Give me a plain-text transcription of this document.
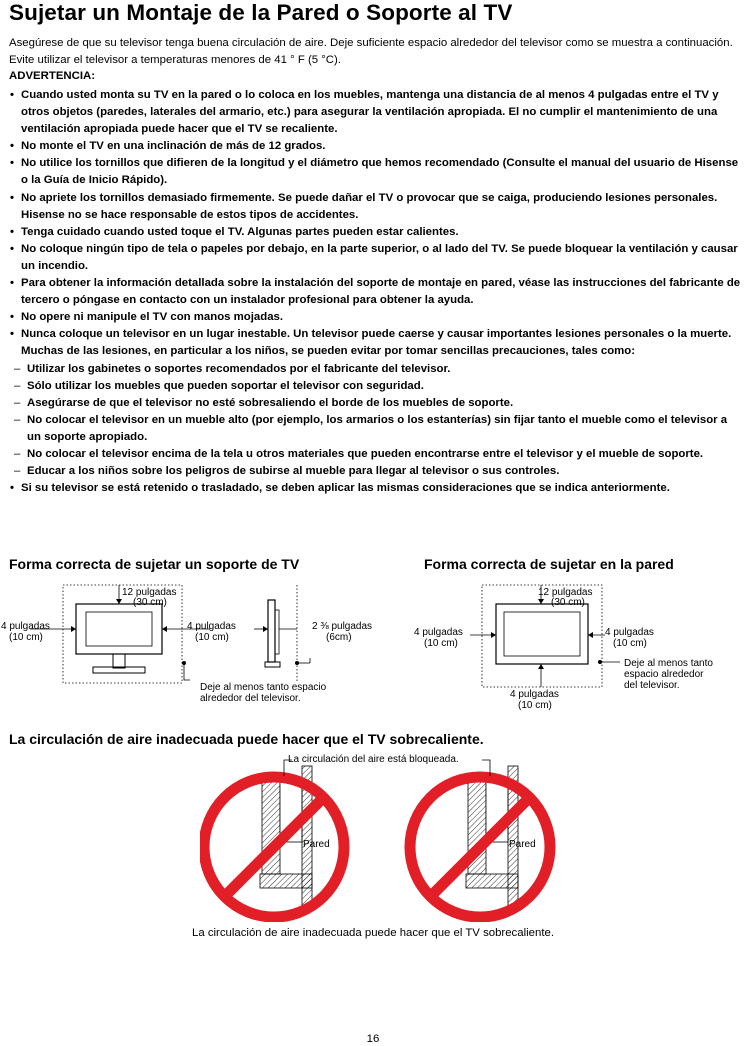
Sujetar un Montaje de la Pared o Soporte al TV

Asegúrese de que su televisor tenga buena circulación de aire. Deje suficiente espacio alrededor del televisor como se muestra a continuación. Evite utilizar el televisor a temperaturas menores de 41 ° F (5 °C).

ADVERTENCIA:

• Cuando usted monta su TV en la pared o lo coloca en los muebles, mantenga una distancia de al menos 4 pulgadas entre el TV y otros objetos (paredes, laterales del armario, etc.) para asegurar la ventilación apropiada. El no cumplir el mantenimiento de una ventilación apropiada puede hacer que el TV se recaliente.
• No monte el TV en una inclinación de más de 12 grados.
• No utilice los tornillos que difieren de la longitud y el diámetro que hemos recomendado (Consulte el manual del usuario de Hisense o la Guía de Inicio Rápido).
• No apriete los tornillos demasiado firmemente. Se puede dañar el TV o provocar que se caiga, produciendo lesiones personales. Hisense no se hace responsable de estos tipos de accidentes.
• Tenga cuidado cuando usted toque el TV. Algunas partes pueden estar calientes.
• No coloque ningún tipo de tela o papeles por debajo, en la parte superior, o al lado del TV. Se puede bloquear la ventilación y causar un incendio.
• Para obtener la información detallada sobre la instalación del soporte de montaje en pared, véase las instrucciones del fabricante de tercero o póngase en contacto con un instalador profesional para obtener la ayuda.
• No opere ni manipule el TV con manos mojadas.
• Nunca coloque un televisor en un lugar inestable. Un televisor puede caerse y causar importantes lesiones personales o la muerte. Muchas de las lesiones, en particular a los niños, se pueden evitar por tomar sencillas precauciones, tales como:
– Utilizar los gabinetes o soportes recomendados por el fabricante del televisor.
– Sólo utilizar los muebles que pueden soportar el televisor con seguridad.
– Asegúrarse de que el televisor no esté sobresaliendo el borde de los muebles de soporte.
– No colocar el televisor en un mueble alto (por ejemplo, los armarios o los estanterías) sin fijar tanto el mueble como el televisor a un soporte apropiado.
– No colocar el televisor encima de la tela u otros materiales que pueden encontrarse entre el televisor y el mueble de soporte.
– Educar a los niños sobre los peligros de subirse al mueble para llegar al televisor o sus controles.
• Si su televisor se está retenido o trasladado, se deben aplicar las mismas consideraciones que se indica anteriormente.

Forma correcta de sujetar un soporte de TV

12 pulgadas
(30 cm)
4 pulgadas
(10 cm)
4 pulgadas
(10 cm)
2 ⅜ pulgadas
(6cm)
Deje al menos tanto espacio
alrededor del televisor.

Forma correcta de sujetar en la pared

12 pulgadas
(30 cm)
4 pulgadas
(10 cm)
4 pulgadas
(10 cm)
Deje al menos tanto
espacio alrededor
del televisor.
4 pulgadas
(10 cm)

La circulación de aire inadecuada puede hacer que el TV sobrecaliente.

La circulación del aire está bloqueada.
Pared	Pared

La circulación de aire inadecuada puede hacer que el TV sobrecaliente.

16
